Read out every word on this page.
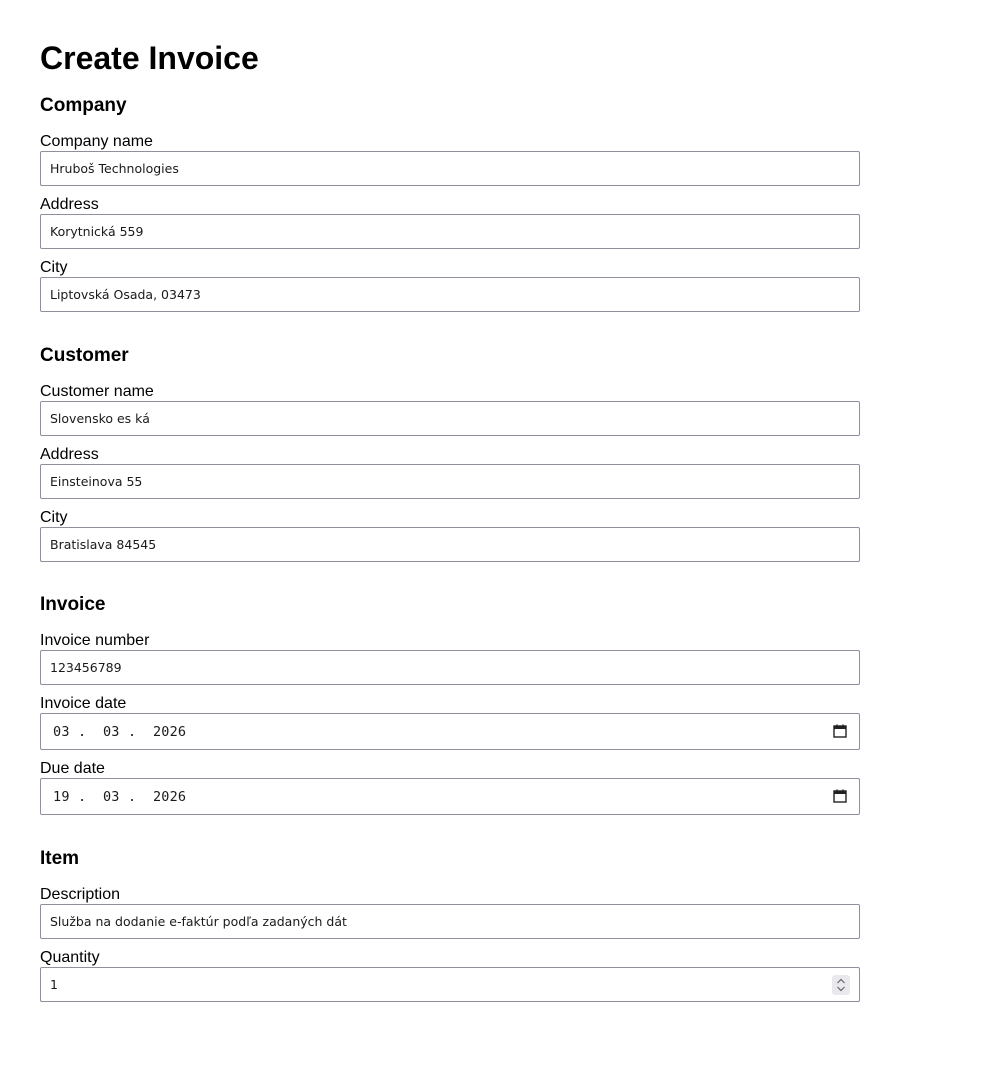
Create Invoice
Company
Company name
Hruboš Technologies
Address
Korytnická 559
City
Liptovská Osada, 03473
Customer
Customer name
Slovensko es ká
Address
Einsteinova 55
City
Bratislava 84545
Invoice
Invoice number
123456789
Invoice date
03 . 03 . 2026
Due date
19 . 03 . 2026
Item
Description
Služba na dodanie e-faktúr podľa zadaných dát
Quantity
1
